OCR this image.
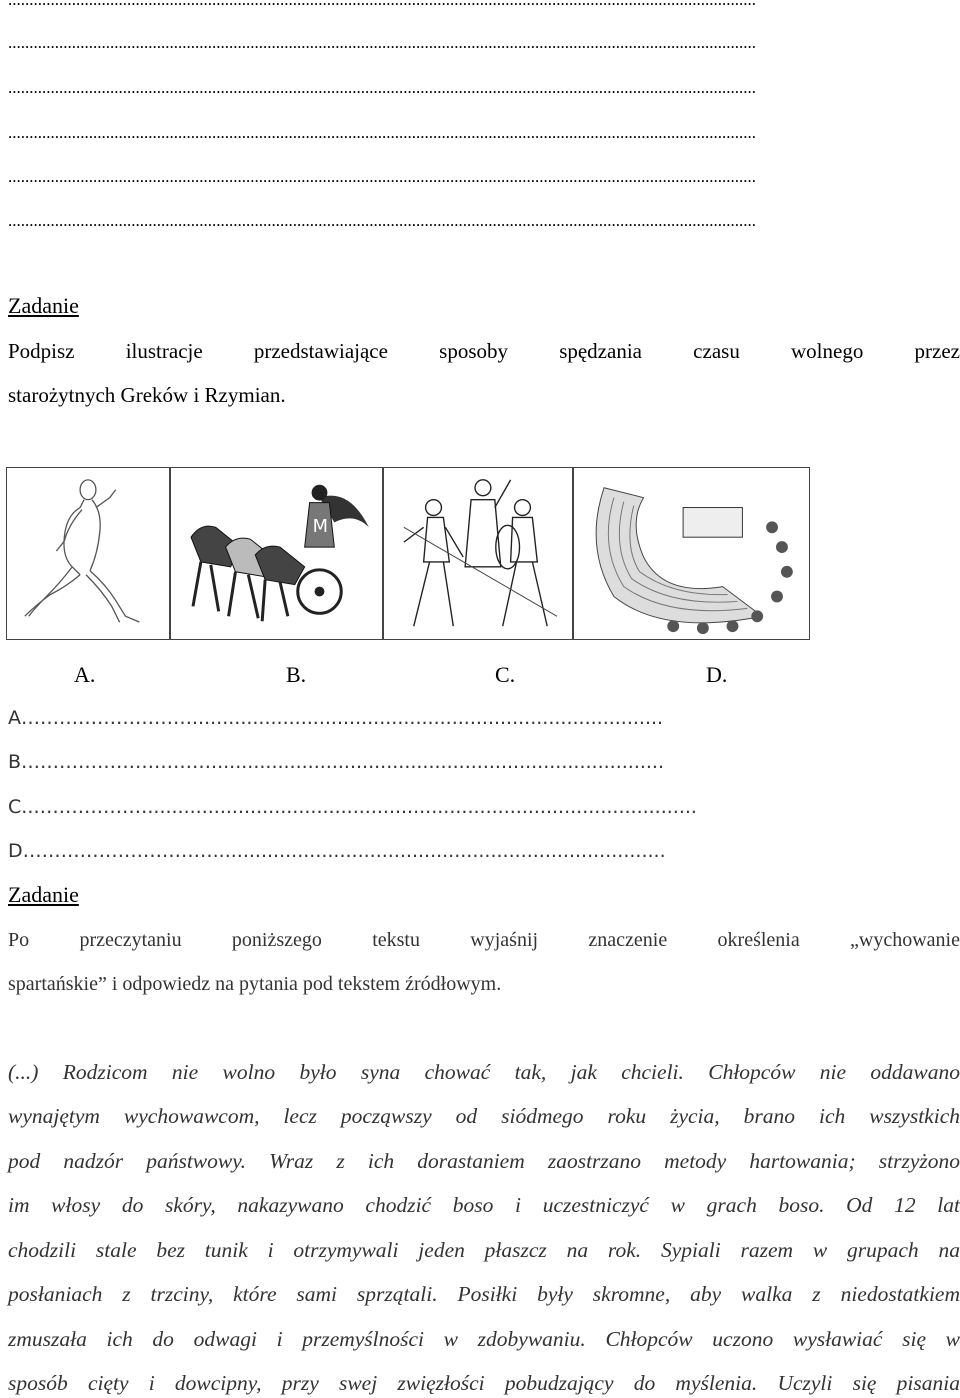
................................................................................................................................................................................
................................................................................................................................................................................
................................................................................................................................................................................
................................................................................................................................................................................
................................................................................................................................................................................
Zadanie
Podpisz ilustracje przedstawiające sposoby spędzania czasu wolnego przez
starożytnych Greków i Rzymian.
M
A.	B.	C.	D.
A………………………..............................................................................
B…………………………...........................................................................
C..………………...........................................................................................
D…………………………...........................................................................
Zadanie
Po przeczytaniu poniższego tekstu wyjaśnij znaczenie określenia „wychowanie
spartańskie” i odpowiedz na pytania pod tekstem źródłowym.
(...) Rodzicom nie wolno było syna chować tak, jak chcieli. Chłopców nie oddawano
wynajętym wychowawcom, lecz począwszy od siódmego roku życia, brano ich wszystkich
pod nadzór państwowy. Wraz z ich dorastaniem zaostrzano metody hartowania; strzyżono
im włosy do skóry, nakazywano chodzić boso i uczestniczyć w grach boso. Od 12 lat
chodzili stale bez tunik i otrzymywali jeden płaszcz na rok. Sypiali razem w grupach na
posłaniach z trzciny, które sami sprzątali. Posiłki były skromne, aby walka z niedostatkiem
zmuszała ich do odwagi i przemyślności w zdobywaniu. Chłopców uczono wysławiać się w
sposób cięty i dowcipny, przy swej zwięzłości pobudzający do myślenia. Uczyli się pisania
